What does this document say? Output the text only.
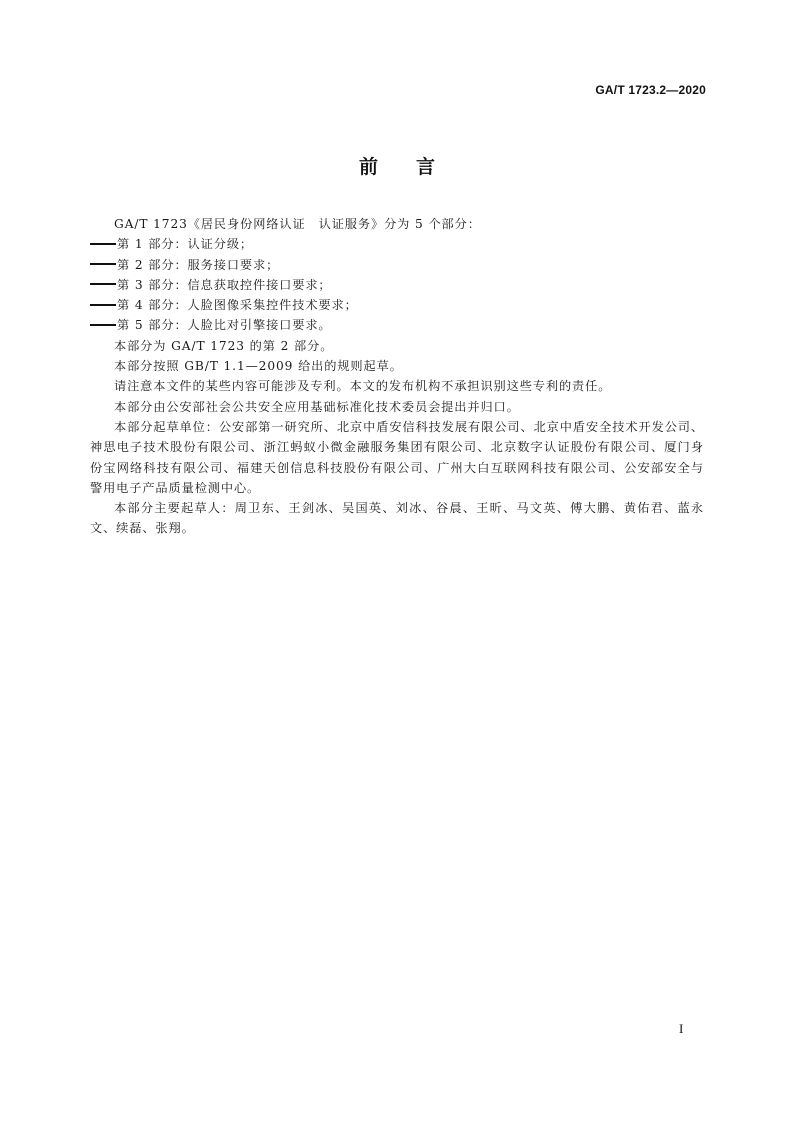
GA/T 1723.2—2020
前 言

GA/T 1723《居民身份网络认证　认证服务》分为 5 个部分：

第 1 部分：认证分级；

第 2 部分：服务接口要求；

第 3 部分：信息获取控件接口要求；

第 4 部分：人脸图像采集控件技术要求；

第 5 部分：人脸比对引擎接口要求。

本部分为 GA/T 1723 的第 2 部分。

本部分按照 GB/T 1.1—2009 给出的规则起草。

请注意本文件的某些内容可能涉及专利。本文的发布机构不承担识别这些专利的责任。

本部分由公安部社会公共安全应用基础标准化技术委员会提出并归口。

本部分起草单位：公安部第一研究所、北京中盾安信科技发展有限公司、北京中盾安全技术开发公司、神思电子技术股份有限公司、浙江蚂蚁小微金融服务集团有限公司、北京数字认证股份有限公司、厦门身份宝网络科技有限公司、福建天创信息科技股份有限公司、广州大白互联网科技有限公司、公安部安全与警用电子产品质量检测中心。

本部分主要起草人：周卫东、王剑冰、吴国英、刘冰、谷晨、王昕、马文英、傅大鹏、黄佑君、蓝永文、续磊、张翔。

I
